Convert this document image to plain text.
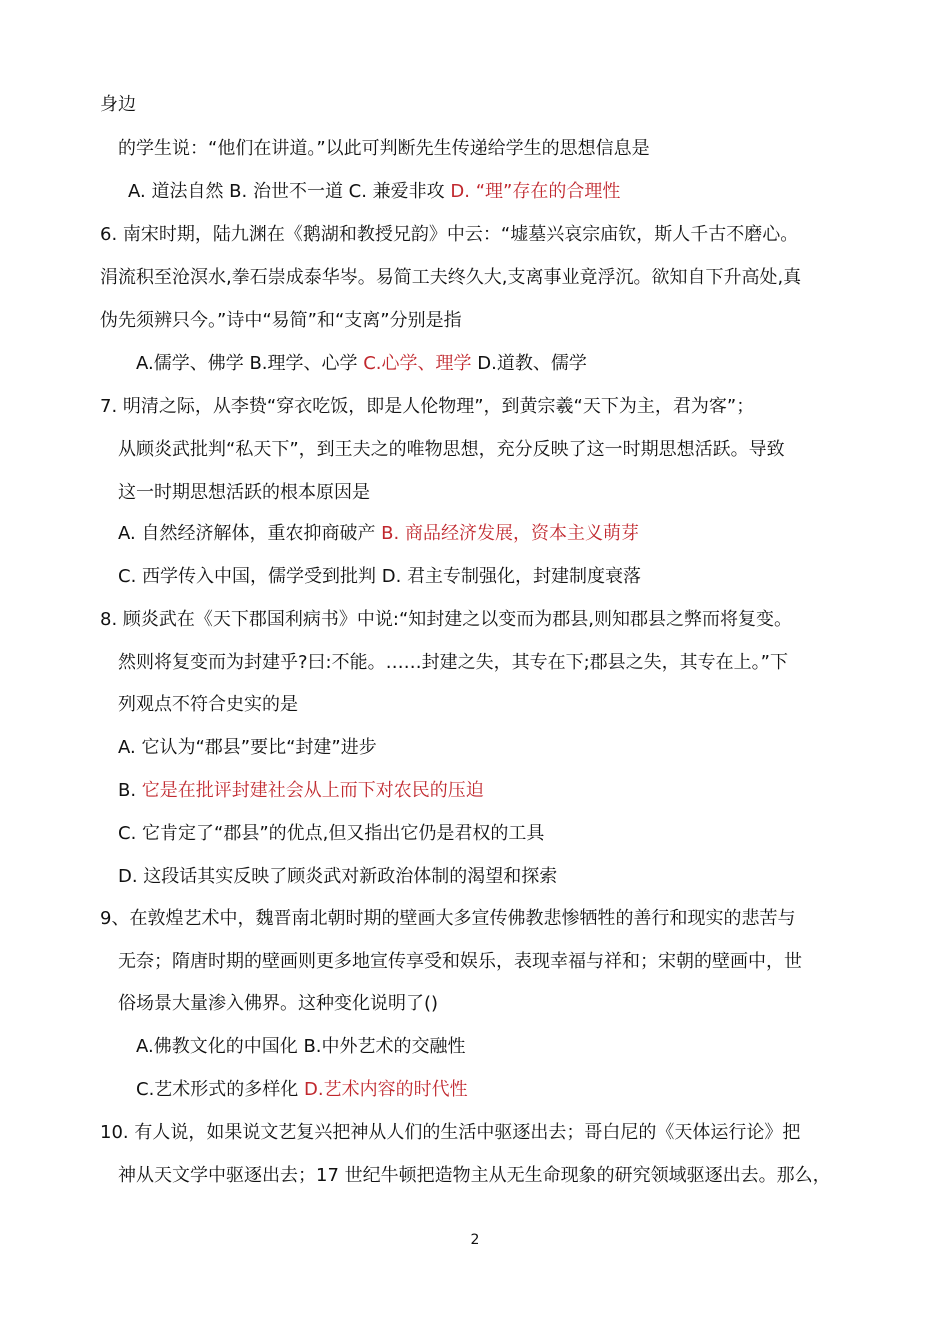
身边
的学生说：“他们在讲道。”以此可判断先生传递给学生的思想信息是
A. 道法自然 B. 治世不一道 C. 兼爱非攻 D. “理”存在的合理性
6. 南宋时期，陆九渊在《鹅湖和教授兄韵》中云：“墟墓兴哀宗庙钦，斯人千古不磨心。
涓流积至沧溟水,拳石崇成泰华岑。易简工夫终久大,支离事业竟浮沉。欲知自下升高处,真
伪先须辨只今。”诗中“易简”和“支离”分别是指
A.儒学、佛学 B.理学、心学 C.心学、理学 D.道教、儒学
7. 明清之际，从李贽“穿衣吃饭，即是人伦物理”，到黄宗羲“天下为主，君为客”；
从顾炎武批判“私天下”，到王夫之的唯物思想，充分反映了这一时期思想活跃。导致
这一时期思想活跃的根本原因是
A. 自然经济解体，重农抑商破产 B. 商品经济发展，资本主义萌芽
C. 西学传入中国，儒学受到批判 D. 君主专制强化，封建制度衰落
8. 顾炎武在《天下郡国利病书》中说:“知封建之以变而为郡县,则知郡县之弊而将复变。
然则将复变而为封建乎?曰:不能。……封建之失，其专在下;郡县之失，其专在上。”下
列观点不符合史实的是
A. 它认为“郡县”要比“封建”进步
B. 它是在批评封建社会从上而下对农民的压迫
C. 它肯定了“郡县”的优点,但又指出它仍是君权的工具
D. 这段话其实反映了顾炎武对新政治体制的渴望和探索
9、在敦煌艺术中，魏晋南北朝时期的壁画大多宣传佛教悲惨牺牲的善行和现实的悲苦与
无奈；隋唐时期的壁画则更多地宣传享受和娱乐，表现幸福与祥和；宋朝的壁画中，世
俗场景大量渗入佛界。这种变化说明了()
A.佛教文化的中国化 B.中外艺术的交融性
C.艺术形式的多样化 D.艺术内容的时代性
10. 有人说，如果说文艺复兴把神从人们的生活中驱逐出去；哥白尼的《天体运行论》把
神从天文学中驱逐出去；17 世纪牛顿把造物主从无生命现象的研究领域驱逐出去。那么，
2
